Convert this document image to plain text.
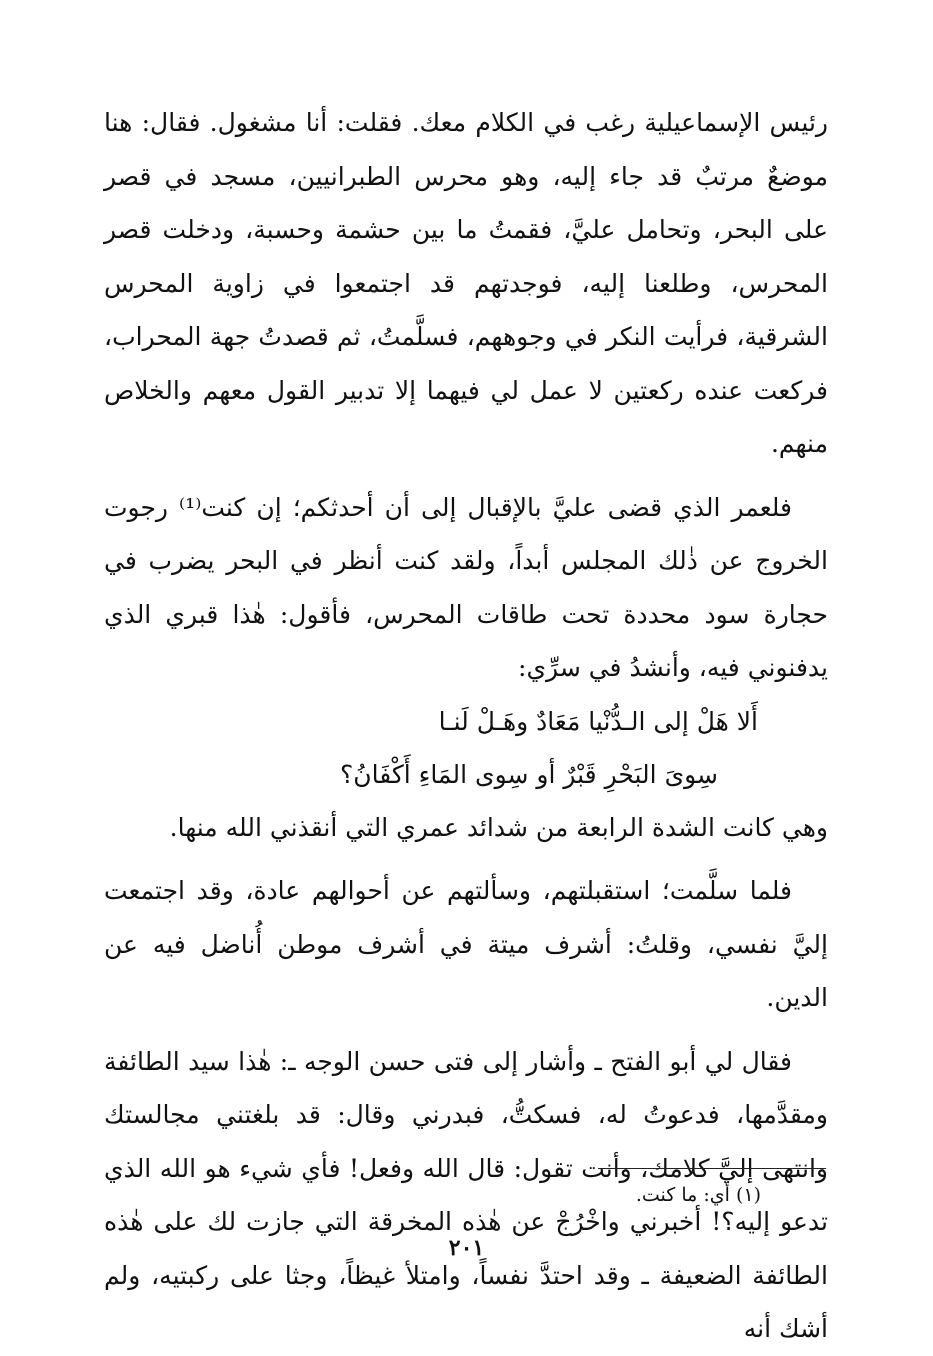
رئيس الإسماعيلية رغب في الكلام معك. فقلت: أنا مشغول. فقال: هنا موضعٌ مرتبٌ قد جاء إليه، وهو محرس الطبرانيين، مسجد في قصر على البحر، وتحامل عليَّ، فقمتُ ما بين حشمة وحسبة، ودخلت قصر المحرس، وطلعنا إليه، فوجدتهم قد اجتمعوا في زاوية المحرس الشرقية، فرأيت النكر في وجوههم، فسلَّمتُ، ثم قصدتُ جهة المحراب، فركعت عنده ركعتين لا عمل لي فيهما إلا تدبير القول معهم والخلاص منهم.

فلعمر الذي قضى عليَّ بالإقبال إلى أن أحدثكم؛ إن كنت⁽¹⁾ رجوت الخروج عن ذٰلك المجلس أبداً، ولقد كنت أنظر في البحر يضرب في حجارة سود محددة تحت طاقات المحرس، فأقول: هٰذا قبري الذي يدفنوني فيه، وأنشدُ في سرِّي:

أَلا هَلْ إلى الـدُّنْيا مَعَادٌ وهَـلْ لَنـا

سِوىَ البَحْرِ قَبْرٌ أو سِوى المَاءِ أَكْفَانُ؟

وهي كانت الشدة الرابعة من شدائد عمري التي أنقذني الله منها.

فلما سلَّمت؛ استقبلتهم، وسألتهم عن أحوالهم عادة، وقد اجتمعت إليَّ نفسي، وقلتُ: أشرف ميتة في أشرف موطن أُناضل فيه عن الدين.

فقال لي أبو الفتح ـ وأشار إلى فتى حسن الوجه ـ: هٰذا سيد الطائفة ومقدَّمها، فدعوتُ له، فسكتُّ، فبدرني وقال: قد بلغتني مجالستك وانتهى إليَّ كلامك، وأنت تقول: قال الله وفعل! فأي شيء هو الله الذي تدعو إليه؟! أخبرني واخْرُجْ عن هٰذه المخرقة التي جازت لك على هٰذه الطائفة الضعيفة ـ وقد احتدَّ نفساً، وامتلأ غيظاً، وجثا على ركبتيه، ولم أشك أنه

(١) أي: ما كنت.
٢٠١
